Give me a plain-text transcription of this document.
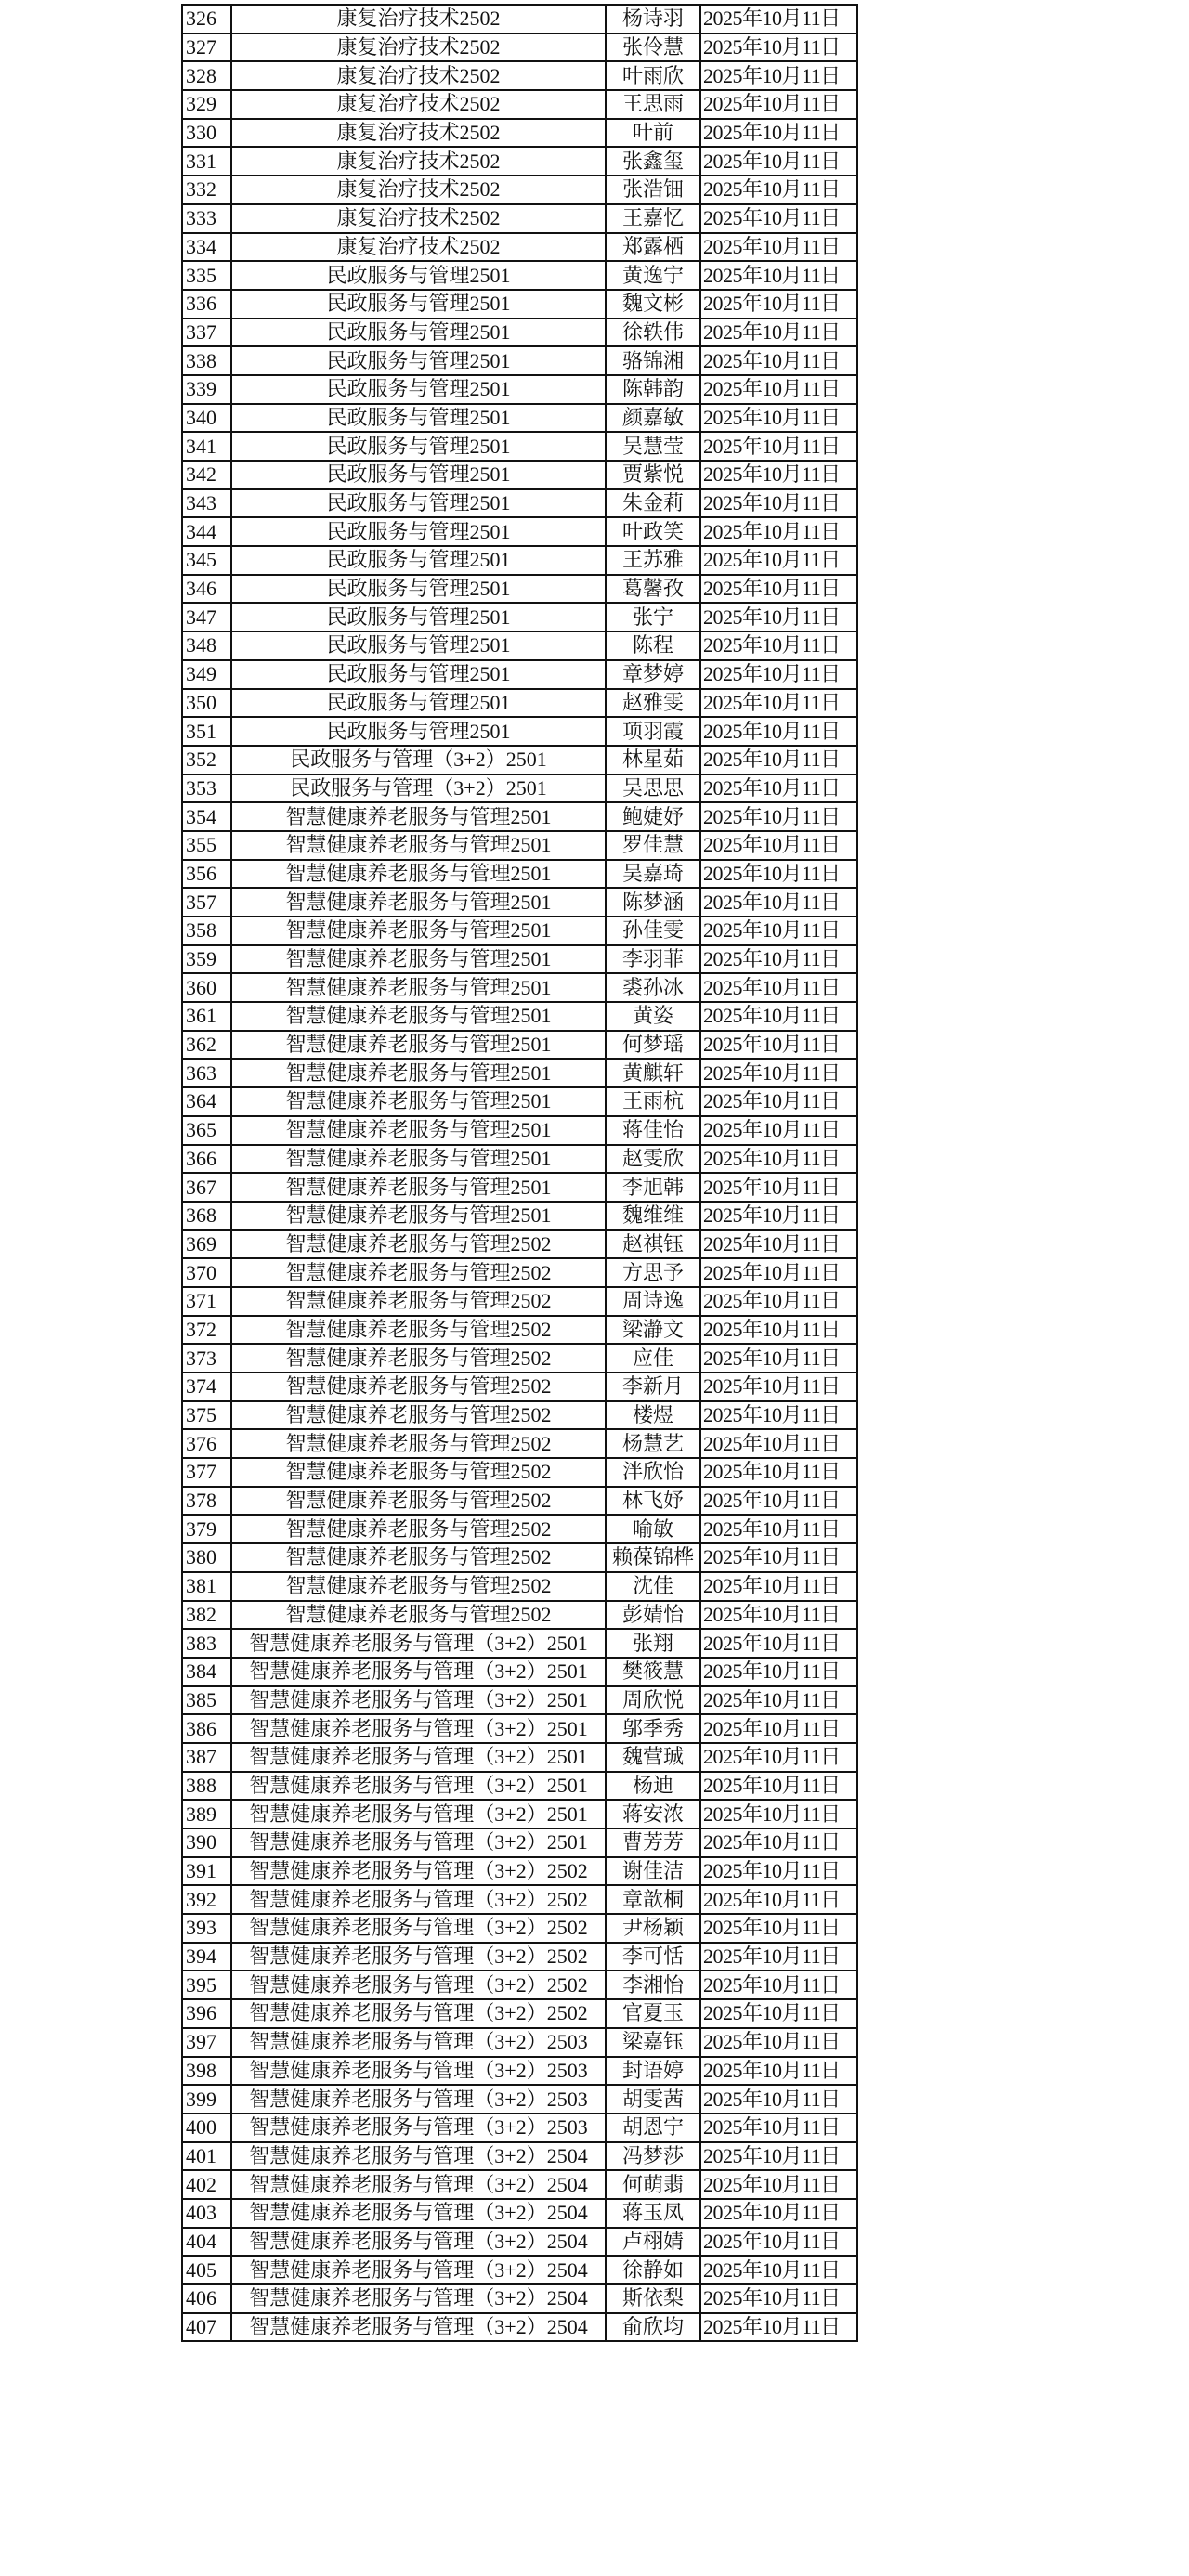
326	康复治疗技术2502	杨诗羽	2025年10月11日
327	康复治疗技术2502	张伶慧	2025年10月11日
328	康复治疗技术2502	叶雨欣	2025年10月11日
329	康复治疗技术2502	王思雨	2025年10月11日
330	康复治疗技术2502	叶前	2025年10月11日
331	康复治疗技术2502	张鑫玺	2025年10月11日
332	康复治疗技术2502	张浩钿	2025年10月11日
333	康复治疗技术2502	王嘉忆	2025年10月11日
334	康复治疗技术2502	郑露栖	2025年10月11日
335	民政服务与管理2501	黄逸宁	2025年10月11日
336	民政服务与管理2501	魏文彬	2025年10月11日
337	民政服务与管理2501	徐轶伟	2025年10月11日
338	民政服务与管理2501	骆锦湘	2025年10月11日
339	民政服务与管理2501	陈韩韵	2025年10月11日
340	民政服务与管理2501	颜嘉敏	2025年10月11日
341	民政服务与管理2501	吴慧莹	2025年10月11日
342	民政服务与管理2501	贾紫悦	2025年10月11日
343	民政服务与管理2501	朱金莉	2025年10月11日
344	民政服务与管理2501	叶政笑	2025年10月11日
345	民政服务与管理2501	王苏雅	2025年10月11日
346	民政服务与管理2501	葛馨孜	2025年10月11日
347	民政服务与管理2501	张宁	2025年10月11日
348	民政服务与管理2501	陈程	2025年10月11日
349	民政服务与管理2501	章梦婷	2025年10月11日
350	民政服务与管理2501	赵雅雯	2025年10月11日
351	民政服务与管理2501	项羽霞	2025年10月11日
352	民政服务与管理（3+2）2501	林星茹	2025年10月11日
353	民政服务与管理（3+2）2501	吴思思	2025年10月11日
354	智慧健康养老服务与管理2501	鲍婕妤	2025年10月11日
355	智慧健康养老服务与管理2501	罗佳慧	2025年10月11日
356	智慧健康养老服务与管理2501	吴嘉琦	2025年10月11日
357	智慧健康养老服务与管理2501	陈梦涵	2025年10月11日
358	智慧健康养老服务与管理2501	孙佳雯	2025年10月11日
359	智慧健康养老服务与管理2501	李羽菲	2025年10月11日
360	智慧健康养老服务与管理2501	裘孙冰	2025年10月11日
361	智慧健康养老服务与管理2501	黄姿	2025年10月11日
362	智慧健康养老服务与管理2501	何梦瑶	2025年10月11日
363	智慧健康养老服务与管理2501	黄麒轩	2025年10月11日
364	智慧健康养老服务与管理2501	王雨杭	2025年10月11日
365	智慧健康养老服务与管理2501	蒋佳怡	2025年10月11日
366	智慧健康养老服务与管理2501	赵雯欣	2025年10月11日
367	智慧健康养老服务与管理2501	李旭韩	2025年10月11日
368	智慧健康养老服务与管理2501	魏维维	2025年10月11日
369	智慧健康养老服务与管理2502	赵祺钰	2025年10月11日
370	智慧健康养老服务与管理2502	方思予	2025年10月11日
371	智慧健康养老服务与管理2502	周诗逸	2025年10月11日
372	智慧健康养老服务与管理2502	梁瀞文	2025年10月11日
373	智慧健康养老服务与管理2502	应佳	2025年10月11日
374	智慧健康养老服务与管理2502	李新月	2025年10月11日
375	智慧健康养老服务与管理2502	楼煜	2025年10月11日
376	智慧健康养老服务与管理2502	杨慧艺	2025年10月11日
377	智慧健康养老服务与管理2502	泮欣怡	2025年10月11日
378	智慧健康养老服务与管理2502	林飞妤	2025年10月11日
379	智慧健康养老服务与管理2502	喻敏	2025年10月11日
380	智慧健康养老服务与管理2502	赖葆锦桦	2025年10月11日
381	智慧健康养老服务与管理2502	沈佳	2025年10月11日
382	智慧健康养老服务与管理2502	彭婧怡	2025年10月11日
383	智慧健康养老服务与管理（3+2）2501	张翔	2025年10月11日
384	智慧健康养老服务与管理（3+2）2501	樊筱慧	2025年10月11日
385	智慧健康养老服务与管理（3+2）2501	周欣悦	2025年10月11日
386	智慧健康养老服务与管理（3+2）2501	邬季秀	2025年10月11日
387	智慧健康养老服务与管理（3+2）2501	魏营珹	2025年10月11日
388	智慧健康养老服务与管理（3+2）2501	杨迪	2025年10月11日
389	智慧健康养老服务与管理（3+2）2501	蒋安浓	2025年10月11日
390	智慧健康养老服务与管理（3+2）2501	曹芳芳	2025年10月11日
391	智慧健康养老服务与管理（3+2）2502	谢佳洁	2025年10月11日
392	智慧健康养老服务与管理（3+2）2502	章歆桐	2025年10月11日
393	智慧健康养老服务与管理（3+2）2502	尹杨颖	2025年10月11日
394	智慧健康养老服务与管理（3+2）2502	李可恬	2025年10月11日
395	智慧健康养老服务与管理（3+2）2502	李湘怡	2025年10月11日
396	智慧健康养老服务与管理（3+2）2502	官夏玉	2025年10月11日
397	智慧健康养老服务与管理（3+2）2503	梁嘉钰	2025年10月11日
398	智慧健康养老服务与管理（3+2）2503	封语婷	2025年10月11日
399	智慧健康养老服务与管理（3+2）2503	胡雯茜	2025年10月11日
400	智慧健康养老服务与管理（3+2）2503	胡恩宁	2025年10月11日
401	智慧健康养老服务与管理（3+2）2504	冯梦莎	2025年10月11日
402	智慧健康养老服务与管理（3+2）2504	何萌翡	2025年10月11日
403	智慧健康养老服务与管理（3+2）2504	蒋玉凤	2025年10月11日
404	智慧健康养老服务与管理（3+2）2504	卢栩婧	2025年10月11日
405	智慧健康养老服务与管理（3+2）2504	徐静如	2025年10月11日
406	智慧健康养老服务与管理（3+2）2504	斯依梨	2025年10月11日
407	智慧健康养老服务与管理（3+2）2504	俞欣均	2025年10月11日
